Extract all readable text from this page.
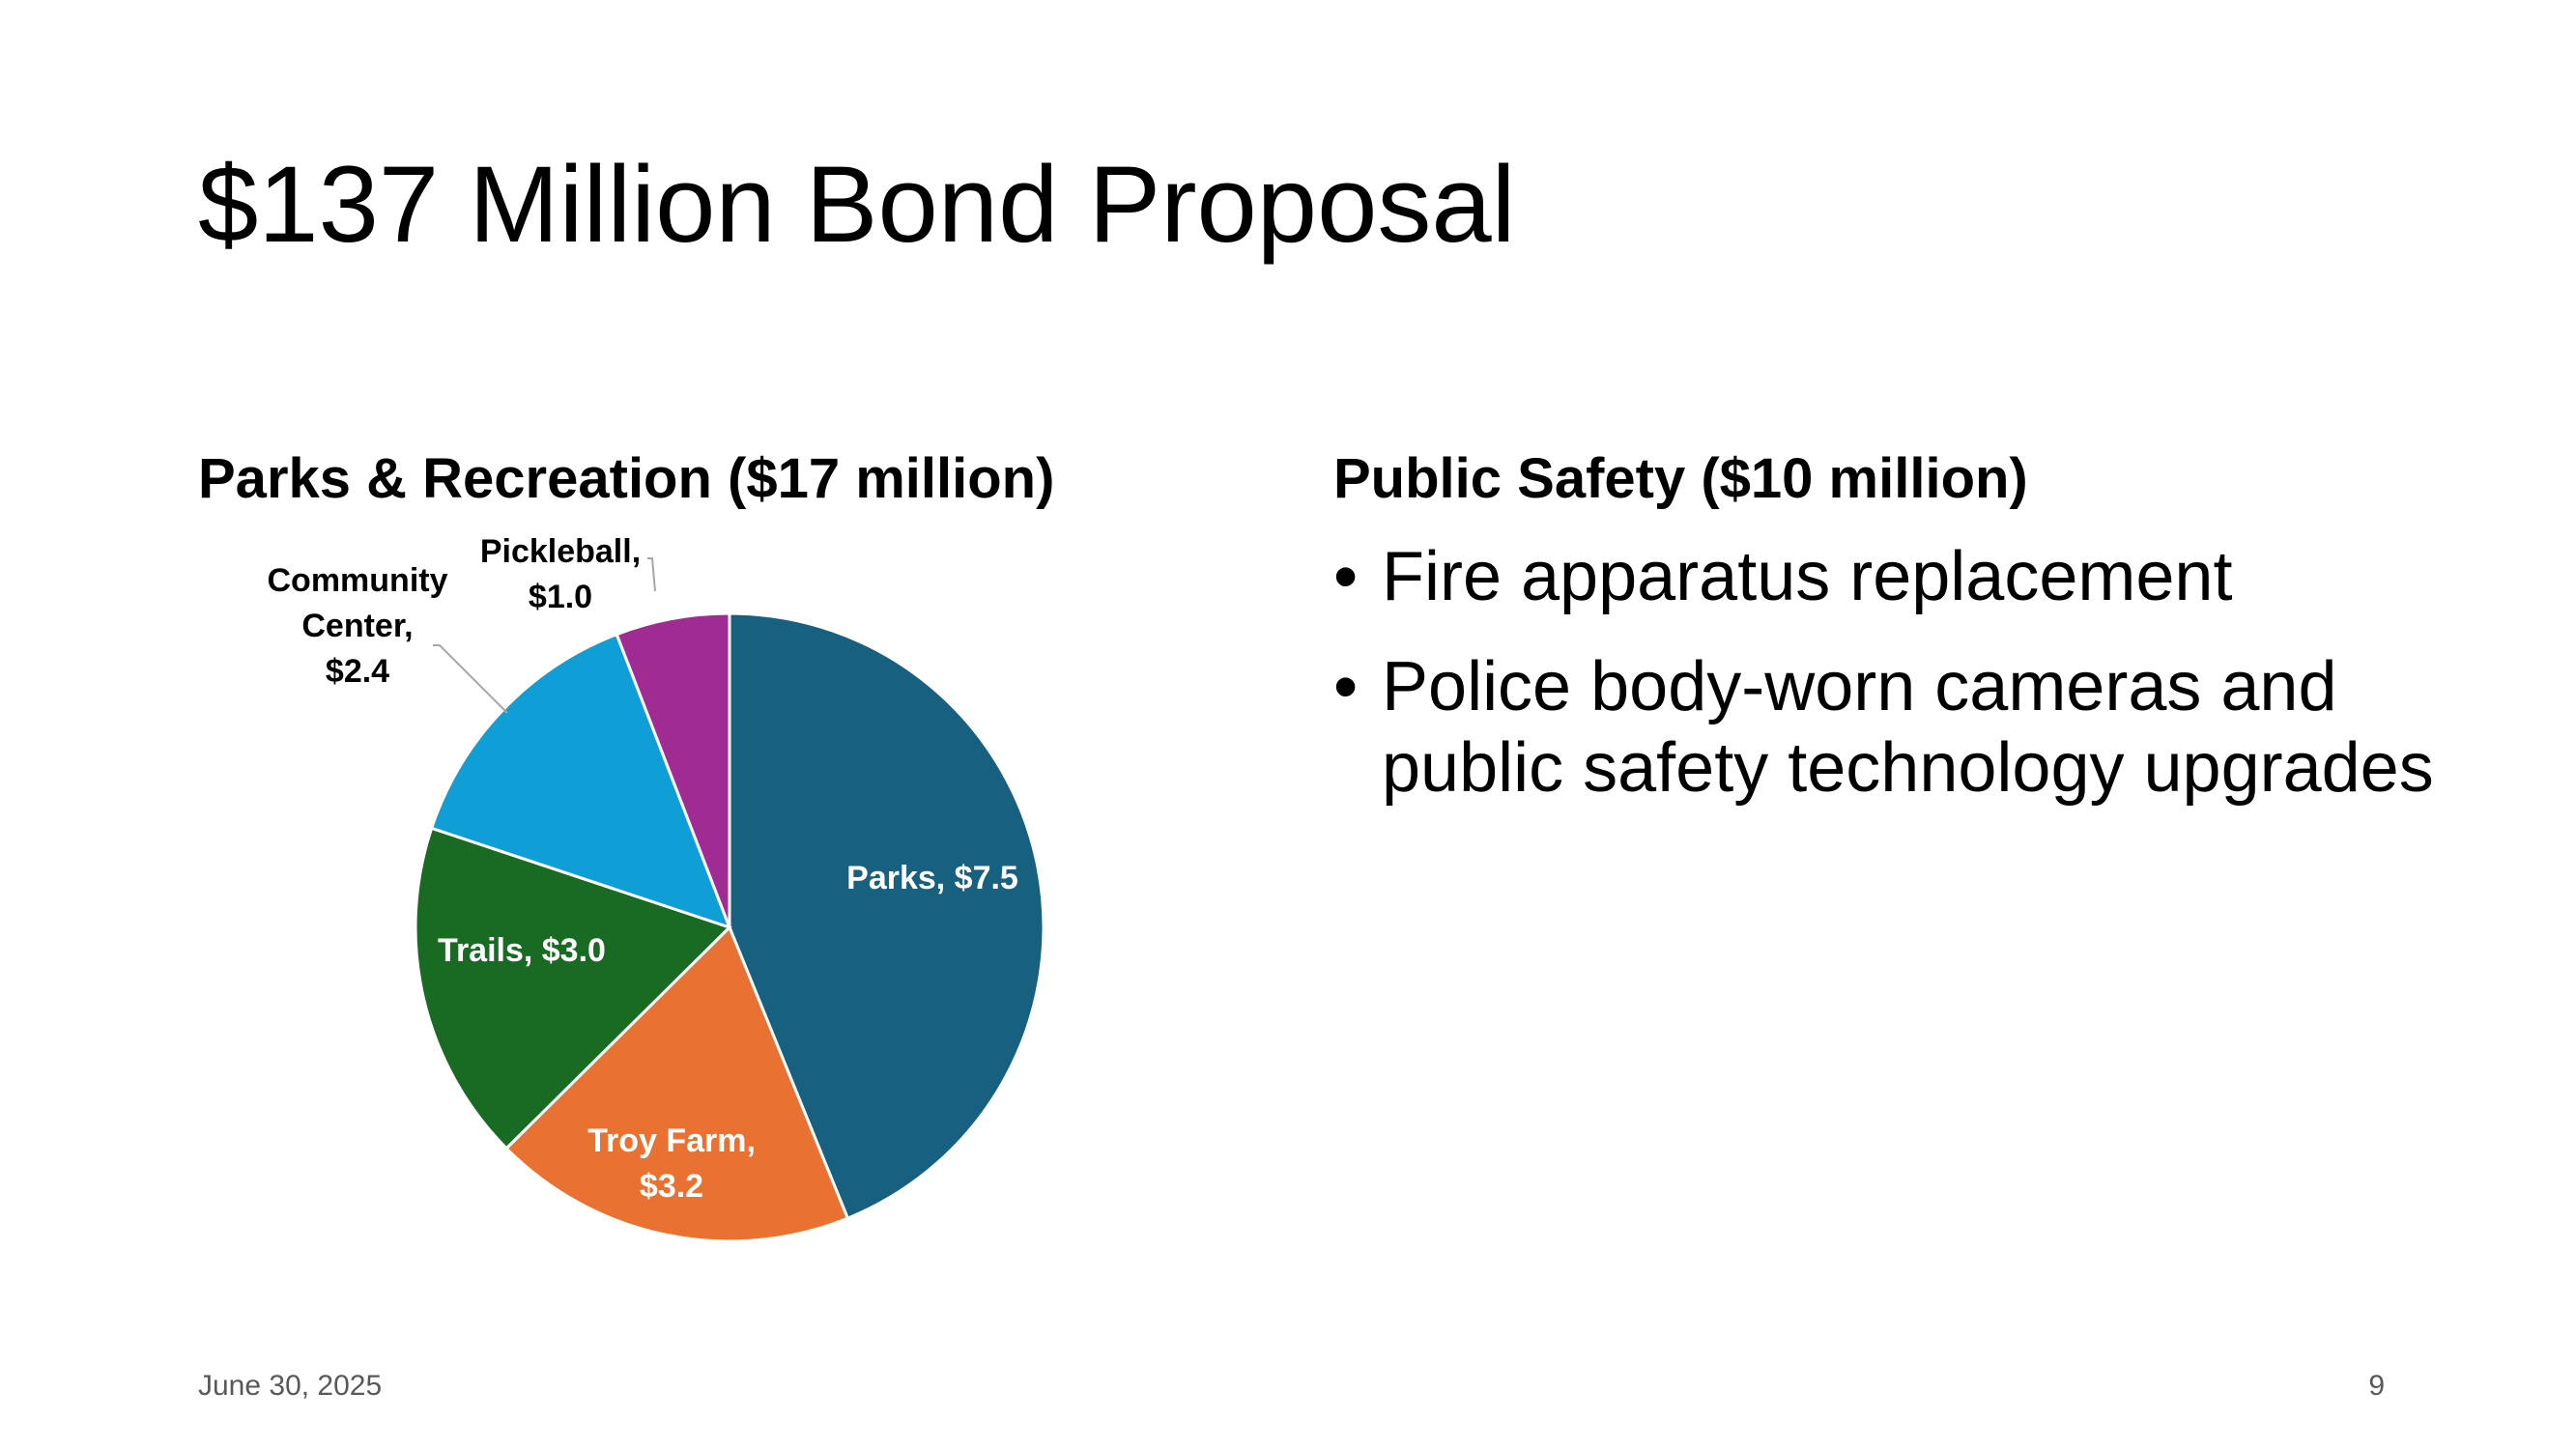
$137 Million Bond Proposal
Parks & Recreation ($17 million)
Parks, $7.5
Troy Farm, $3.2
Trails, $3.0
Community Center, $2.4
Pickleball, $1.0
Public Safety ($10 million)
• Fire apparatus replacement
• Police body-worn cameras and public safety technology upgrades
June 30, 2025	9
